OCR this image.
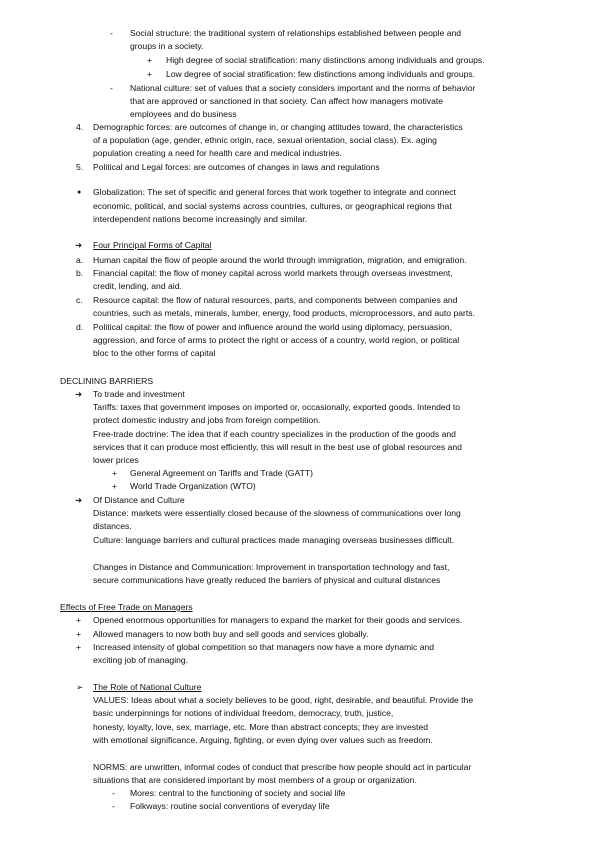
- Social structure: the traditional system of relationships established between people and
groups in a society.
+ High degree of social stratification: many distinctions among individuals and groups.
+ Low degree of social stratification: few distinctions among individuals and groups.
- National culture: set of values that a society considers important and the norms of behavior
that are approved or sanctioned in that society. Can affect how managers motivate
employees and do business
4. Demographic forces: are outcomes of change in, or changing attitudes toward, the characteristics
of a population (age, gender, ethnic origin, race, sexual orientation, social class). Ex. aging
population creating a need for health care and medical industries.
5. Political and Legal forces: are outcomes of changes in laws and regulations
● Globalization: The set of specific and general forces that work together to integrate and connect
economic, political, and social systems across countries, cultures, or geographical regions that
interdependent nations become increasingly and similar.
➜ Four Principal Forms of Capital
a. Human capital the flow of people around the world through immigration, migration, and emigration.
b. Financial capital: the flow of money capital across world markets through overseas investment,
credit, lending, and aid.
c. Resource capital: the flow of natural resources, parts, and components between companies and
countries, such as metals, minerals, lumber, energy, food products, microprocessors, and auto parts.
d. Political capital: the flow of power and influence around the world using diplomacy, persuasion,
aggression, and force of arms to protect the right or access of a country, world region, or political
bloc to the other forms of capital
DECLINING BARRIERS
➜ To trade and investment
Tariffs: taxes that government imposes on imported or, occasionally, exported goods. Intended to
protect domestic industry and jobs from foreign competition.
Free-trade doctrine: The idea that if each country specializes in the production of the goods and
services that it can produce most efficiently, this will result in the best use of global resources and
lower prices
+ General Agreement on Tariffs and Trade (GATT)
+ World Trade Organization (WTO)
➜ Of Distance and Culture
Distance: markets were essentially closed because of the slowness of communications over long
distances.
Culture: language barriers and cultural practices made managing overseas businesses difficult.
Changes in Distance and Communication: Improvement in transportation technology and fast,
secure communications have greatly reduced the barriers of physical and cultural distances
Effects of Free Trade on Managers
+ Opened enormous opportunities for managers to expand the market for their goods and services.
+ Allowed managers to now both buy and sell goods and services globally.
+ Increased intensity of global competition so that managers now have a more dynamic and
exciting job of managing.
➢ The Role of National Culture
VALUES: Ideas about what a society believes to be good, right, desirable, and beautiful. Provide the
basic underpinnings for notions of individual freedom, democracy, truth, justice,
honesty, loyalty, love, sex, marriage, etc. More than abstract concepts; they are invested
with emotional significance. Arguing, fighting, or even dying over values such as freedom.
NORMS: are unwritten, informal codes of conduct that prescribe how people should act in particular
situations that are considered important by most members of a group or organization.
- Mores: central to the functioning of society and social life
- Folkways: routine social conventions of everyday life
